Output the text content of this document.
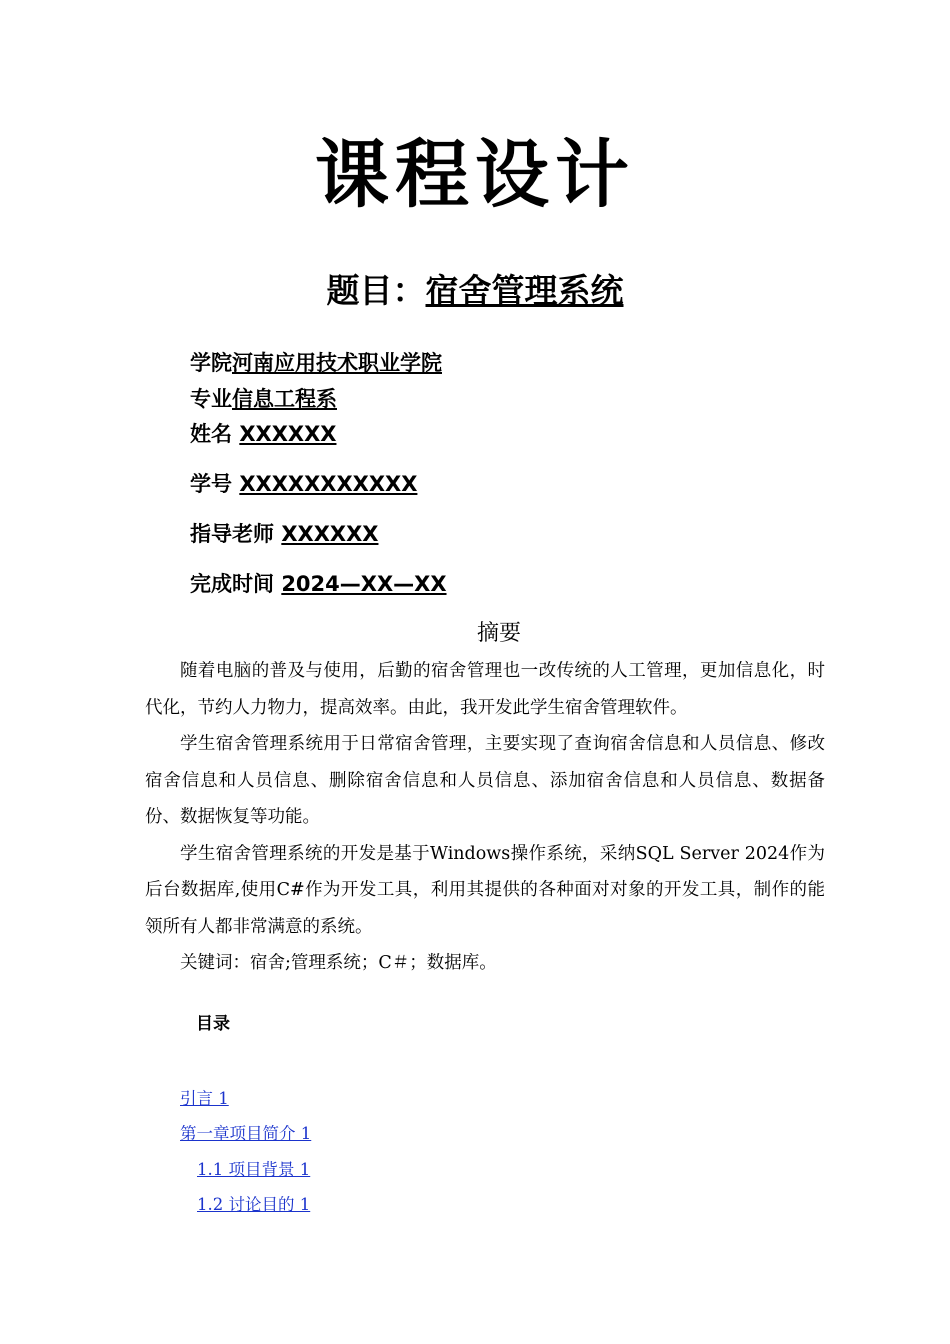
课程设计
题目：宿舍管理系统
学院河南应用技术职业学院
专业信息工程系
姓名 XXXXXX
学号 XXXXXXXXXXX
指导老师 XXXXXX
完成时间 2024—XX—XX
摘要

随着电脑的普及与使用，后勤的宿舍管理也一改传统的人工管理，更加信息化，时代化，节约人力物力，提高效率。由此，我开发此学生宿舍管理软件。

学生宿舍管理系统用于日常宿舍管理，主要实现了查询宿舍信息和人员信息、修改宿舍信息和人员信息、删除宿舍信息和人员信息、添加宿舍信息和人员信息、数据备份、数据恢复等功能。

学生宿舍管理系统的开发是基于Windows操作系统，采纳SQL Server 2024作为后台数据库,使用C#作为开发工具，利用其提供的各种面对对象的开发工具，制作的能领所有人都非常满意的系统。

关键词：宿舍;管理系统；C＃；数据库。

目录
引言 1
第一章项目简介 1
1.1 项目背景 1
1.2 讨论目的 1
